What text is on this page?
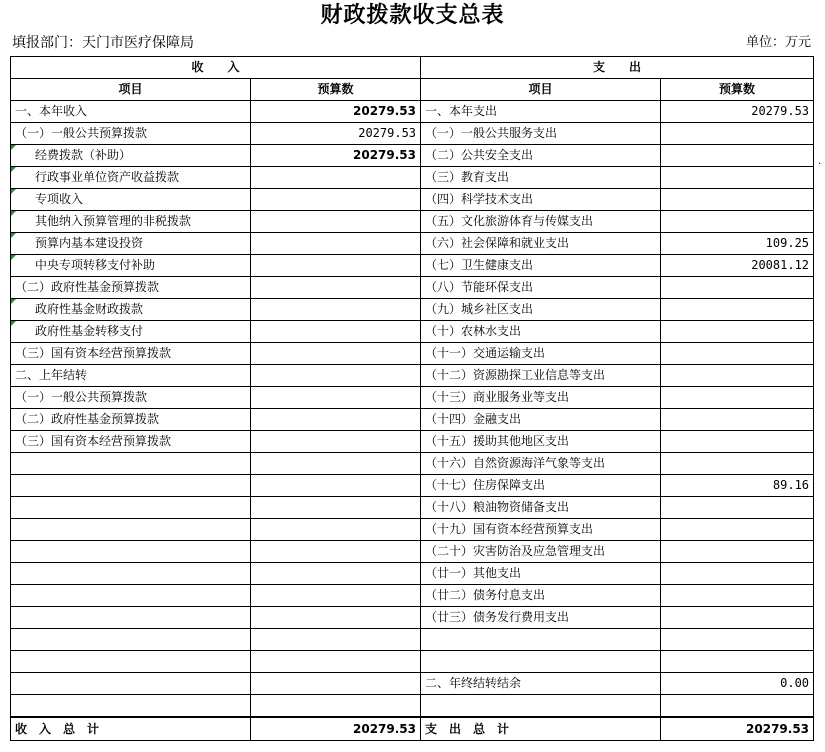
财政拨款收支总表
填报部门：天门市医疗保障局	单位：万元
收　　入		支　　出	
项目	预算数	项目	预算数
一、本年收入	20279.53	一、本年支出	20279.53
（一）一般公共预算拨款	20279.53	（一）一般公共服务支出	
经费拨款（补助）	20279.53	（二）公共安全支出	
行政事业单位资产收益拨款		（三）教育支出	
专项收入		（四）科学技术支出	
其他纳入预算管理的非税拨款		（五）文化旅游体育与传媒支出	
预算内基本建设投资		（六）社会保障和就业支出	109.25
中央专项转移支付补助		（七）卫生健康支出	20081.12
（二）政府性基金预算拨款		（八）节能环保支出	
政府性基金财政拨款		（九）城乡社区支出	
政府性基金转移支付		（十）农林水支出	
（三）国有资本经营预算拨款		（十一）交通运输支出	
二、上年结转		（十二）资源勘探工业信息等支出	
（一）一般公共预算拨款		（十三）商业服务业等支出	
（二）政府性基金预算拨款		（十四）金融支出	
（三）国有资本经营预算拨款		（十五）援助其他地区支出	
		（十六）自然资源海洋气象等支出	
		（十七）住房保障支出	89.16
		（十八）粮油物资储备支出	
		（十九）国有资本经营预算支出	
		（二十）灾害防治及应急管理支出	
		（廿一）其他支出	
		（廿二）债务付息支出	
		（廿三）债务发行费用支出	

		二、年终结转结余	0.00

收　入　总　计	20279.53	支　出　总　计	20279.53
.
